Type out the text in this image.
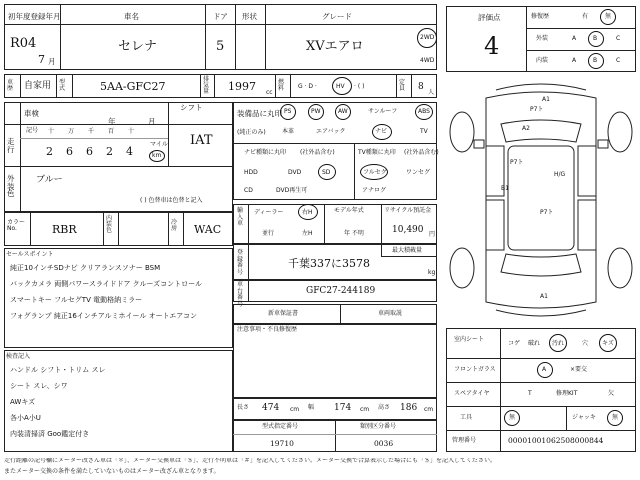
初年度登録年月
R04
7 月
車名
セレナ
ドア
5
形状	グレード
XVエアロ
2WD
4WD
車歴	自家用 型式	5AA-GFC27
排気量	1997 cc
燃料	G · D ·	HV · ( )
定員	8
人
シフト
IAT
車検
年	月
走行
記号 十 万 千 百 十
2 6 6 2 4
マイル
km
外装色
ブルー
( ) 色替車は色替と記入
カラー No.	RBR
内装色
冷房	WAC
セールスポイント
純正10インチSDナビ クリアランスソナー BSM
バックカメラ 両側パワースライドドア クルーズコントロール
スマートキー フルセグTV 電動格納ミラー
フォグランプ 純正16インチアルミホイール オートエアコン
検査記入
ハンドル シフト・トリム スレ
シート スレ、シワ
AWキズ
各小A小U
内装清掃済 Goo鑑定付き
装備品に丸印
(純正のみ)
PS	PW	AW	サンルーフ	ABS
本革	エアバック	ナビ	TV
ナビ種類に丸印 (社外品含む)
HDD	DVD	SD
CD	DVD再生可
TV種類に丸印 (社外品含む)
フルセグ	ワンセグ
アナログ
輸入車
ディーラー	右H
並行	左H
モデル年式
年 不明
リサイクル預託金
10,490 円
登録番号
千葉337に3578
最大積載量
kg
車台番号
GFC27-244189
新車保証書	車両取説
注意事項・不良修復歴
長さ 474 cm 幅 174 cm 高さ 186 cm
型式指定番号
19710
類別区分番号
0036
評価点
4
修復歴	有	無
外装	A	B	C
内装	A	B	C
A1
A2
P7ト
P7ト
H/G
B1
P7ト
A1
室内シート
コゲ 破れ 汚れ	穴 キズ
フロントガラス	A	×要交
スペアタイヤ	T	修理KIT	欠
工具	無	ジャッキ	無
管理番号	00001001062508000844
走行距離の記号欄にメーター改ざん車は「＊」、メーター交換車は「＄」、走行不明車は「＃」を記入してください。メーター交換で合算表示した場合にも「＄」を記入してください。
またメーター交換の条件を満たしていないものはメーター改ざん車となります。
